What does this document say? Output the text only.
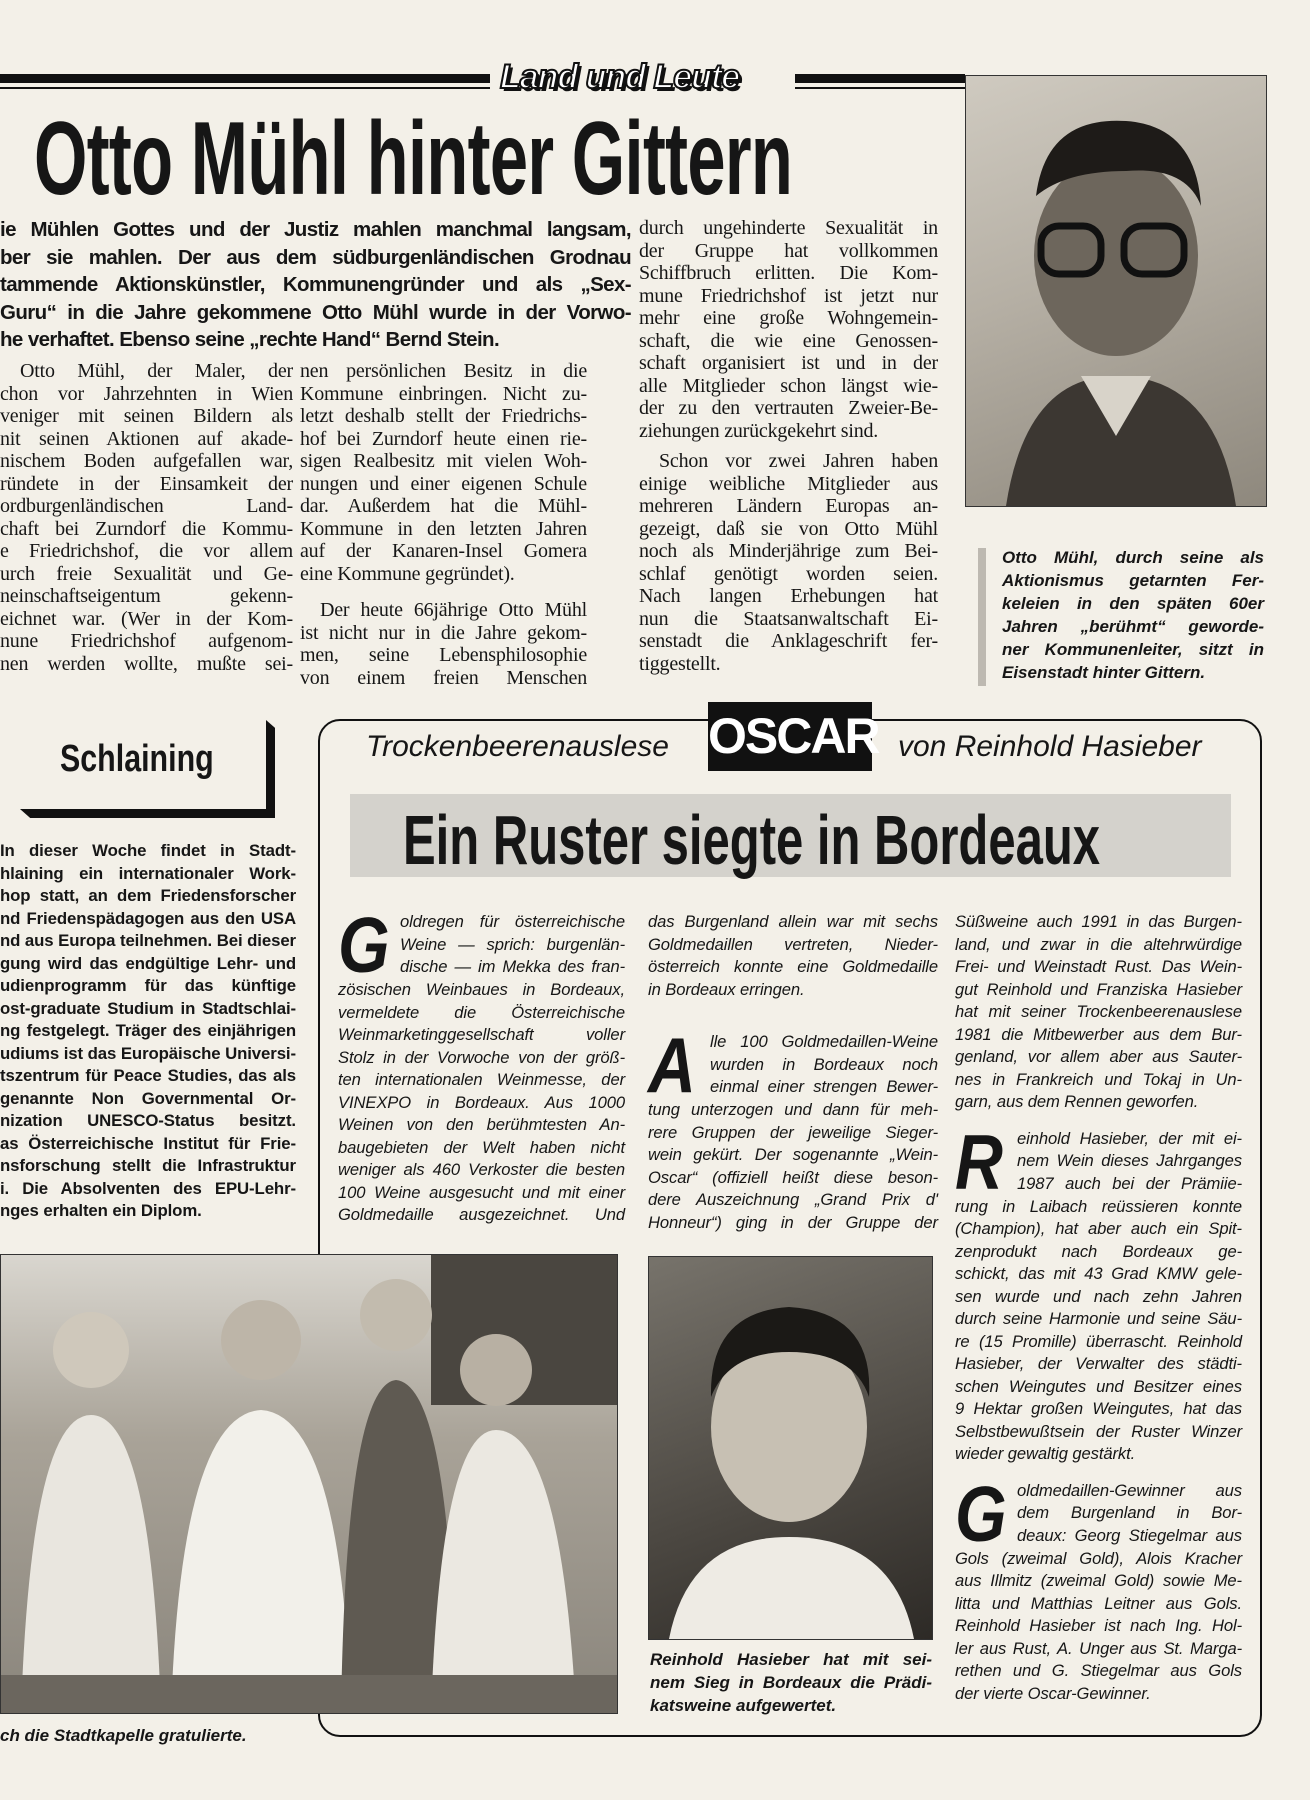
Land und Leute
Otto Mühl hinter Gittern
ie Mühlen Gottes und der Justiz mahlen manchmal langsam,
ber sie mahlen. Der aus dem südburgenländischen Grodnau
tammende Aktionskünstler, Kommunengründer und als „Sex-
Guru“ in die Jahre gekommene Otto Mühl wurde in der Vorwo-
he verhaftet. Ebenso seine „rechte Hand“ Bernd Stein.
Otto Mühl, der Maler, der
chon vor Jahrzehnten in Wien
veniger mit seinen Bildern als
nit seinen Aktionen auf akade-
nischem Boden aufgefallen war,
ründete in der Einsamkeit der
ordburgenländischen Land-
chaft bei Zurndorf die Kommu-
e Friedrichshof, die vor allem
urch freie Sexualität und Ge-
neinschaftseigentum gekenn-
eichnet war. (Wer in der Kom-
nune Friedrichshof aufgenom-
nen werden wollte, mußte sei-
nen persönlichen Besitz in die
Kommune einbringen. Nicht zu-
letzt deshalb stellt der Friedrichs-
hof bei Zurndorf heute einen rie-
sigen Realbesitz mit vielen Woh-
nungen und einer eigenen Schule
dar. Außerdem hat die Mühl-
Kommune in den letzten Jahren
auf der Kanaren-Insel Gomera
eine Kommune gegründet).
Der heute 66jährige Otto Mühl
ist nicht nur in die Jahre gekom-
men, seine Lebensphilosophie
von einem freien Menschen
durch ungehinderte Sexualität in
der Gruppe hat vollkommen
Schiffbruch erlitten. Die Kom-
mune Friedrichshof ist jetzt nur
mehr eine große Wohngemein-
schaft, die wie eine Genossen-
schaft organisiert ist und in der
alle Mitglieder schon längst wie-
der zu den vertrauten Zweier-Be-
ziehungen zurückgekehrt sind.
Schon vor zwei Jahren haben
einige weibliche Mitglieder aus
mehreren Ländern Europas an-
gezeigt, daß sie von Otto Mühl
noch als Minderjährige zum Bei-
schlaf genötigt worden seien.
Nach langen Erhebungen hat
nun die Staatsanwaltschaft Ei-
senstadt die Anklageschrift fer-
tiggestellt.
Otto Mühl, durch seine als
Aktionismus getarnten Fer-
keleien in den späten 60er
Jahren „berühmt“ geworde-
ner Kommunenleiter, sitzt in
Eisenstadt hinter Gittern.
Schlaining
In dieser Woche findet in Stadt-
hlaining ein internationaler Work-
hop statt, an dem Friedensforscher
nd Friedenspädagogen aus den USA
nd aus Europa teilnehmen. Bei dieser
gung wird das endgültige Lehr- und
udienprogramm für das künftige
ost-graduate Studium in Stadtschlai-
ng festgelegt. Träger des einjährigen
udiums ist das Europäische Universi-
tszentrum für Peace Studies, das als
genannte Non Governmental Or-
nization UNESCO-Status besitzt.
as Österreichische Institut für Frie-
nsforschung stellt die Infrastruktur
i. Die Absolventen des EPU-Lehr-
nges erhalten ein Diplom.
Trockenbeerenauslese OSCAR von Reinhold Hasieber
Ein Ruster siegte in Bordeaux
G oldregen für österreichische
Weine — sprich: burgenlän-
dische — im Mekka des fran-
zösischen Weinbaues in Bordeaux,
vermeldete die Österreichische
Weinmarketinggesellschaft voller
Stolz in der Vorwoche von der größ-
ten internationalen Weinmesse, der
VINEXPO in Bordeaux. Aus 1000
Weinen von den berühmtesten An-
baugebieten der Welt haben nicht
weniger als 460 Verkoster die besten
100 Weine ausgesucht und mit einer
Goldmedaille ausgezeichnet. Und
das Burgenland allein war mit sechs
Goldmedaillen vertreten, Nieder-
österreich konnte eine Goldmedaille
in Bordeaux erringen.
A lle 100 Goldmedaillen-Weine
wurden in Bordeaux noch
einmal einer strengen Bewer-
tung unterzogen und dann für meh-
rere Gruppen der jeweilige Sieger-
wein gekürt. Der sogenannte „Wein-
Oscar“ (offiziell heißt diese beson-
dere Auszeichnung „Grand Prix d'
Honneur“) ging in der Gruppe der
Süßweine auch 1991 in das Burgen-
land, und zwar in die altehrwürdige
Frei- und Weinstadt Rust. Das Wein-
gut Reinhold und Franziska Hasieber
hat mit seiner Trockenbeerenauslese
1981 die Mitbewerber aus dem Bur-
genland, vor allem aber aus Sauter-
nes in Frankreich und Tokaj in Un-
garn, aus dem Rennen geworfen.
R einhold Hasieber, der mit ei-
nem Wein dieses Jahrganges
1987 auch bei der Prämiie-
rung in Laibach reüssieren konnte
(Champion), hat aber auch ein Spit-
zenprodukt nach Bordeaux ge-
schickt, das mit 43 Grad KMW gele-
sen wurde und nach zehn Jahren
durch seine Harmonie und seine Säu-
re (15 Promille) überrascht. Reinhold
Hasieber, der Verwalter des städti-
schen Weingutes und Besitzer eines
9 Hektar großen Weingutes, hat das
Selbstbewußtsein der Ruster Winzer
wieder gewaltig gestärkt.
G oldmedaillen-Gewinner aus
dem Burgenland in Bor-
deaux: Georg Stiegelmar aus
Gols (zweimal Gold), Alois Kracher
aus Illmitz (zweimal Gold) sowie Me-
litta und Matthias Leitner aus Gols.
Reinhold Hasieber ist nach Ing. Hol-
ler aus Rust, A. Unger aus St. Marga-
rethen und G. Stiegelmar aus Gols
der vierte Oscar-Gewinner.
ch die Stadtkapelle gratulierte.
Reinhold Hasieber hat mit sei-
nem Sieg in Bordeaux die Prädi-
katsweine aufgewertet.
